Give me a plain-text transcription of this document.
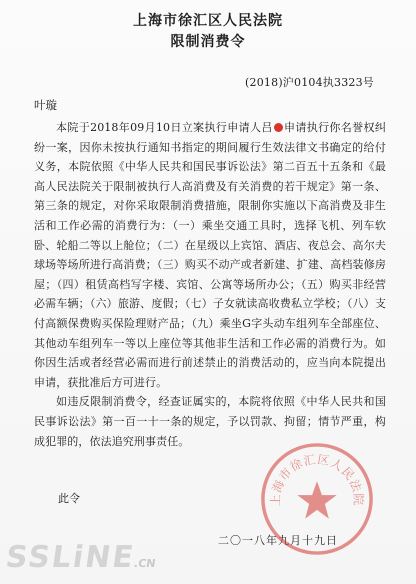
上海市徐汇区人民法院
限制消费令
(2018)沪0104执3323号
叶璇

本院于2018年09月10日立案执行申请人吕 申请执行你名誉权纠纷一案，因你未按执行通知书指定的期间履行生效法律文书确定的给付义务，本院依照《中华人民共和国民事诉讼法》第二百五十五条和《最高人民法院关于限制被执行人高消费及有关消费的若干规定》第一条、第三条的规定，对你采取限制消费措施，限制你实施以下高消费及非生活和工作必需的消费行为：（一）乘坐交通工具时，选择飞机、列车软卧、轮船二等以上舱位；（二）在星级以上宾馆、酒店、夜总会、高尔夫球场等场所进行高消费；（三）购买不动产或者新建、扩建、高档装修房屋；（四）租赁高档写字楼、宾馆、公寓等场所办公；（五）购买非经营必需车辆；（六）旅游、度假；（七）子女就读高收费私立学校；（八）支付高额保费购买保险理财产品；（九）乘坐G字头动车组列车全部座位、其他动车组列车一等以上座位等其他非生活和工作必需的消费行为。如你因生活或者经营必需而进行前述禁止的消费活动的，应当向本院提出申请，获批准后方可进行。

如违反限制消费令，经查证属实的，本院将依照《中华人民共和国民事诉讼法》第一百一十一条的规定，予以罚款、拘留；情节严重，构成犯罪的，依法追究刑事责任。

此令
二〇一八年九月十九日
上海市徐汇区人民法院
SSLiNE.CN
